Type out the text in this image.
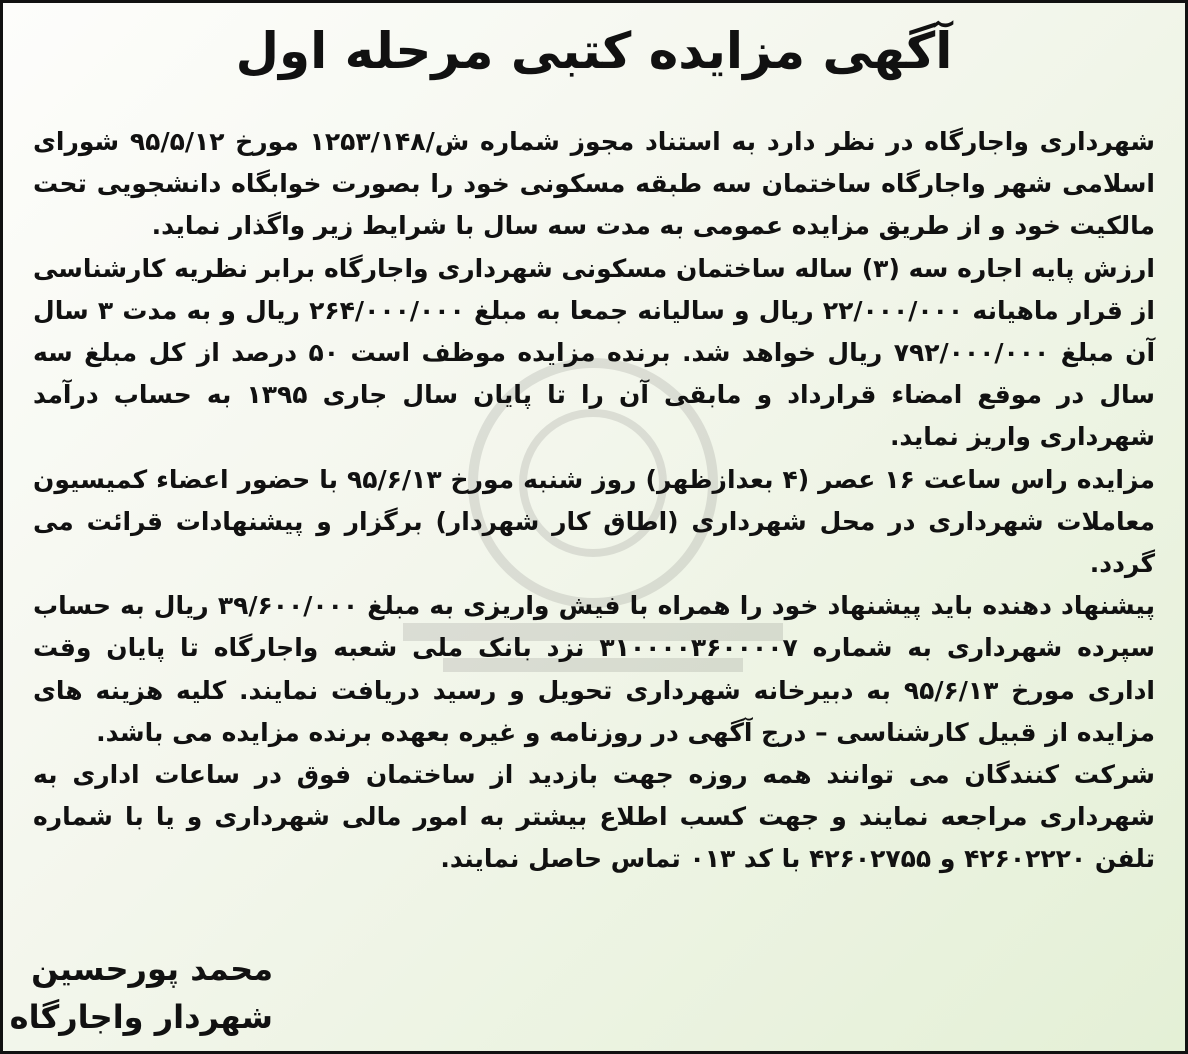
آگهی مزایده کتبی مرحله اول

شهرداری واجارگاه در نظر دارد به استناد مجوز شماره ش/۱۲۵۳/۱۴۸ مورخ ۹۵/۵/۱۲ شورای اسلامی شهر واجارگاه ساختمان سه طبقه مسکونی خود را بصورت خوابگاه دانشجویی تحت مالکیت خود و از طریق مزایده عمومی به مدت سه سال با شرایط زیر واگذار نماید.

ارزش پایه اجاره سه (۳) ساله ساختمان مسکونی شهرداری واجارگاه برابر نظریه کارشناسی از قرار ماهیانه ۲۲/۰۰۰/۰۰۰ ریال و سالیانه جمعا به مبلغ ۲۶۴/۰۰۰/۰۰۰ ریال و به مدت ۳ سال آن مبلغ ۷۹۲/۰۰۰/۰۰۰ ریال خواهد شد. برنده مزایده موظف است ۵۰ درصد از کل مبلغ سه سال در موقع امضاء قرارداد و مابقی آن را تا پایان سال جاری ۱۳۹۵ به حساب درآمد شهرداری واریز نماید.

مزایده راس ساعت ۱۶ عصر (۴ بعدازظهر) روز شنبه مورخ ۹۵/۶/۱۳ با حضور اعضاء کمیسیون معاملات شهرداری در محل شهرداری (اطاق کار شهردار) برگزار و پیشنهادات قرائت می گردد.

پیشنهاد دهنده باید پیشنهاد خود را همراه با فیش واریزی به مبلغ ۳۹/۶۰۰/۰۰۰ ریال به حساب سپرده شهرداری به شماره ۳۱۰۰۰۰۳۶۰۰۰۰۷ نزد بانک ملی شعبه واجارگاه تا پایان وقت اداری مورخ ۹۵/۶/۱۳ به دبیرخانه شهرداری تحویل و رسید دریافت نمایند. کلیه هزینه های مزایده از قبیل کارشناسی – درج آگهی در روزنامه و غیره بعهده برنده مزایده می باشد.

شرکت کنندگان می توانند همه روزه جهت بازدید از ساختمان فوق در ساعات اداری به شهرداری مراجعه نمایند و جهت کسب اطلاع بیشتر به امور مالی شهرداری و یا با شماره تلفن ۴۲۶۰۲۲۲۰ و ۴۲۶۰۲۷۵۵ با کد ۰۱۳ تماس حاصل نمایند.

محمد پورحسین
شهردار واجارگاه
